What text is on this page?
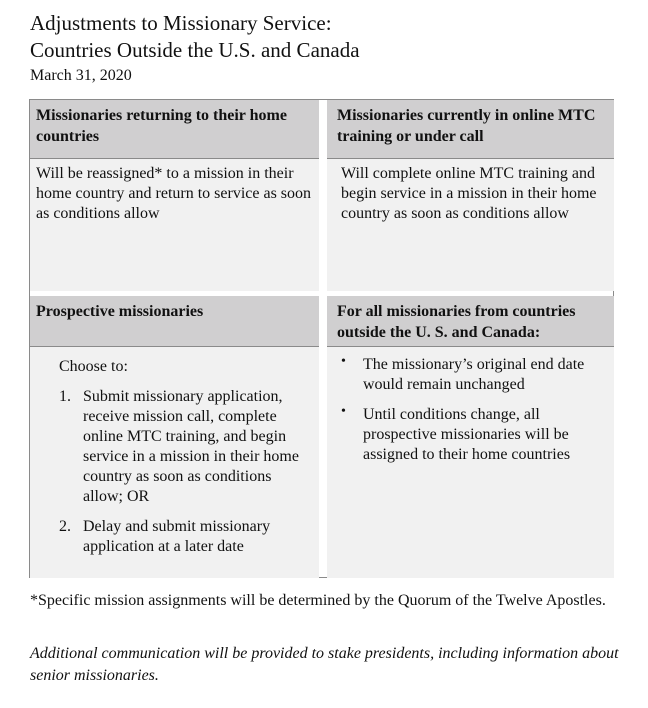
Adjustments to Missionary Service:
Countries Outside the U.S. and Canada
March 31, 2020
Missionaries returning to their home countries
Will be reassigned* to a mission in their home country and return to service as soon as conditions allow
Missionaries currently in online MTC training or under call
Will complete online MTC training and begin service in a mission in their home country as soon as conditions allow
Prospective missionaries
Choose to:
1. Submit missionary application, receive mission call, complete online MTC training, and begin service in a mission in their home country as soon as conditions allow; OR
2. Delay and submit missionary application at a later date
For all missionaries from countries outside the U. S. and Canada:
• The missionary’s original end date would remain unchanged
• Until conditions change, all prospective missionaries will be assigned to their home countries
*Specific mission assignments will be determined by the Quorum of the Twelve Apostles.
Additional communication will be provided to stake presidents, including information about senior missionaries.
